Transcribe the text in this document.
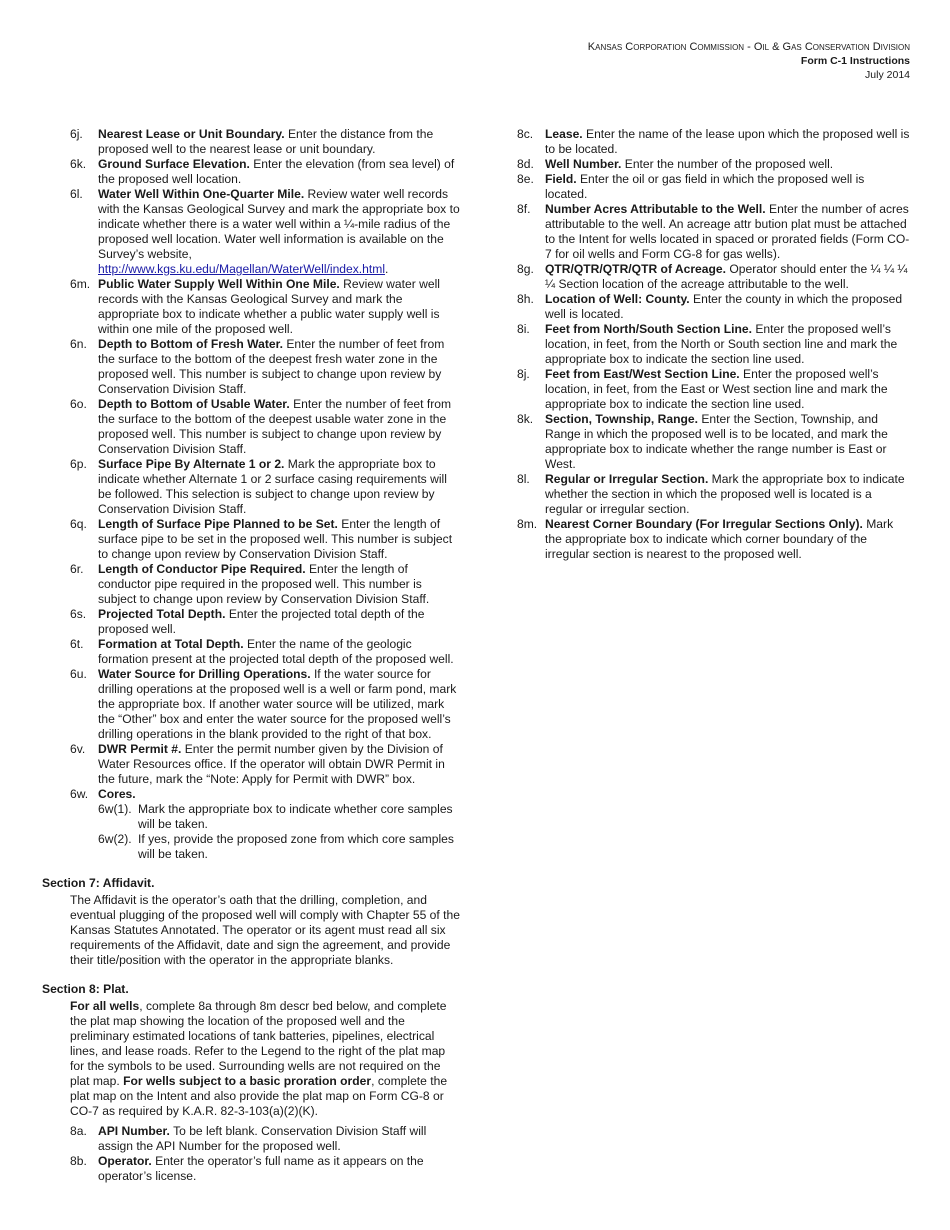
Kansas Corporation Commission - Oil & Gas Conservation Division
Form C-1 Instructions
July 2014
6j.	Nearest Lease or Unit Boundary. Enter the distance from the proposed well to the nearest lease or unit boundary.
6k. Ground Surface Elevation. Enter the elevation (from sea level) of the proposed well location.
6l.	Water Well Within One-Quarter Mile. Review water well records with the Kansas Geological Survey and mark the appropriate box to indicate whether there is a water well within a ¼-mile radius of the proposed well location. Water well information is available on the Survey’s website, http://www.kgs.ku.edu/Magellan/WaterWell/index.html.
6m. Public Water Supply Well Within One Mile. Review water well records with the Kansas Geological Survey and mark the appropriate box to indicate whether a public water supply well is within one mile of the proposed well.
6n. Depth to Bottom of Fresh Water. Enter the number of feet from the surface to the bottom of the deepest fresh water zone in the proposed well. This number is subject to change upon review by Conservation Division Staff.
6o. Depth to Bottom of Usable Water. Enter the number of feet from the surface to the bottom of the deepest usable water zone in the proposed well. This number is subject to change upon review by Conservation Division Staff.
6p. Surface Pipe By Alternate 1 or 2. Mark the appropriate box to indicate whether Alternate 1 or 2 surface casing requirements will be followed. This selection is subject to change upon review by Conservation Division Staff.
6q. Length of Surface Pipe Planned to be Set. Enter the length of surface pipe to be set in the proposed well. This number is subject to change upon review by Conservation Division Staff.
6r.	Length of Conductor Pipe Required. Enter the length of conductor pipe required in the proposed well. This number is subject to change upon review by Conservation Division Staff.
6s. Projected Total Depth. Enter the projected total depth of the proposed well.
6t.	Formation at Total Depth. Enter the name of the geologic formation present at the projected total depth of the proposed well.
6u. Water Source for Drilling Operations. If the water source for drilling operations at the proposed well is a well or farm pond, mark the appropriate box. If another water source will be utilized, mark the “Other” box and enter the water source for the proposed well’s drilling operations in the blank provided to the right of that box.
6v.	DWR Permit #. Enter the permit number given by the Division of Water Resources office. If the operator will obtain DWR Permit in the future, mark the “Note: Apply for Permit with DWR” box.
6w. Cores.
6w(1). Mark the appropriate box to indicate whether core samples will be taken.
6w(2). If yes, provide the proposed zone from which core samples will be taken.
Section 7: Affidavit.
The Affidavit is the operator’s oath that the drilling, completion, and eventual plugging of the proposed well will comply with Chapter 55 of the Kansas Statutes Annotated. The operator or its agent must read all six requirements of the Affidavit, date and sign the agreement, and provide their title/position with the operator in the appropriate blanks.
Section 8: Plat.
For all wells, complete 8a through 8m descr bed below, and complete the plat map showing the location of the proposed well and the preliminary estimated locations of tank batteries, pipelines, electrical lines, and lease roads. Refer to the Legend to the right of the plat map for the symbols to be used. Surrounding wells are not required on the plat map. For wells subject to a basic proration order, complete the plat map on the Intent and also provide the plat map on Form CG-8 or CO-7 as required by K.A.R. 82-3-103(a)(2)(K).
8a. API Number. To be left blank. Conservation Division Staff will assign the API Number for the proposed well.
8b. Operator. Enter the operator’s full name as it appears on the operator’s license.
8c. Lease. Enter the name of the lease upon which the proposed well is to be located.
8d. Well Number. Enter the number of the proposed well.
8e. Field. Enter the oil or gas field in which the proposed well is located.
8f.	Number Acres Attributable to the Well. Enter the number of acres attributable to the well. An acreage attr bution plat must be attached to the Intent for wells located in spaced or prorated fields (Form CO-7 for oil wells and Form CG-8 for gas wells).
8g. QTR/QTR/QTR/QTR of Acreage. Operator should enter the ¼ ¼ ¼ ¼ Section location of the acreage attributable to the well.
8h. Location of Well: County. Enter the county in which the proposed well is located.
8i.	Feet from North/South Section Line. Enter the proposed well’s location, in feet, from the North or South section line and mark the appropriate box to indicate the section line used.
8j.	Feet from East/West Section Line. Enter the proposed well’s location, in feet, from the East or West section line and mark the appropriate box to indicate the section line used.
8k. Section, Township, Range. Enter the Section, Township, and Range in which the proposed well is to be located, and mark the appropriate box to indicate whether the range number is East or West.
8l.	Regular or Irregular Section. Mark the appropriate box to indicate whether the section in which the proposed well is located is a regular or irregular section.
8m. Nearest Corner Boundary (For Irregular Sections Only). Mark the appropriate box to indicate which corner boundary of the irregular section is nearest to the proposed well.
